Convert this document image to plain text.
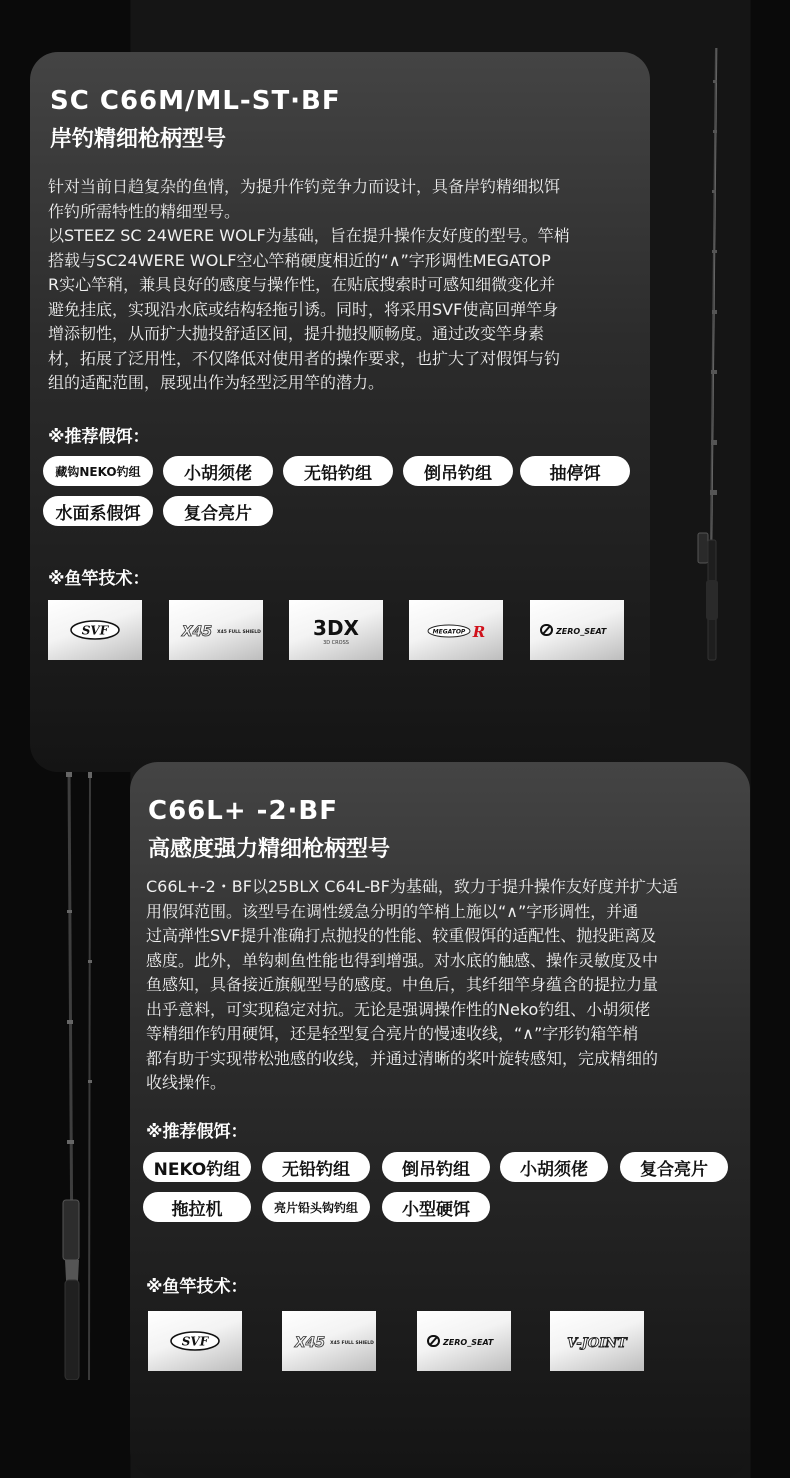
SC C66M/ML-ST·BF
岸钓精细枪柄型号
针对当前日趋复杂的鱼情，为提升作钓竞争力而设计，具备岸钓精细拟饵
作钓所需特性的精细型号。
以STEEZ SC 24WERE WOLF为基础，旨在提升操作友好度的型号。竿梢
搭载与SC24WERE WOLF空心竿稍硬度相近的“∧”字形调性MEGATOP
R实心竿稍，兼具良好的感度与操作性，在贴底搜索时可感知细微变化并
避免挂底，实现沿水底或结构轻拖引诱。同时，将采用SVF使高回弹竿身
增添韧性，从而扩大抛投舒适区间，提升抛投顺畅度。通过改变竿身素
材，拓展了泛用性，不仅降低对使用者的操作要求，也扩大了对假饵与钓
组的适配范围，展现出作为轻型泛用竿的潜力。
※推荐假饵：
藏钩NEKO钓组	小胡须佬	无铅钓组	倒吊钓组	抽停饵
水面系假饵	复合亮片
※鱼竿技术：
SVF	X45 X45 FULL SHIELD	3DX
3D CROSS
MEGATOP R	ZERO_SEAT
C66L+ -2·BF
高感度强力精细枪柄型号
C66L+-2・BF以25BLX C64L-BF为基础，致力于提升操作友好度并扩大适
用假饵范围。该型号在调性缓急分明的竿梢上施以“∧”字形调性，并通
过高弹性SVF提升准确打点抛投的性能、较重假饵的适配性、抛投距离及
感度。此外，单钩刺鱼性能也得到增强。对水底的触感、操作灵敏度及中
鱼感知，具备接近旗舰型号的感度。中鱼后，其纤细竿身蕴含的提拉力量
出乎意料，可实现稳定对抗。无论是强调操作性的Neko钓组、小胡须佬
等精细作钓用硬饵，还是轻型复合亮片的慢速收线，“∧”字形钓箱竿梢
都有助于实现带松弛感的收线，并通过清晰的桨叶旋转感知，完成精细的
收线操作。
※推荐假饵：
NEKO钓组	无铅钓组	倒吊钓组	小胡须佬	复合亮片
拖拉机	亮片铅头钩钓组	小型硬饵
※鱼竿技术：
SVF	X45 X45 FULL SHIELD	ZERO_SEAT	V-JOINT
